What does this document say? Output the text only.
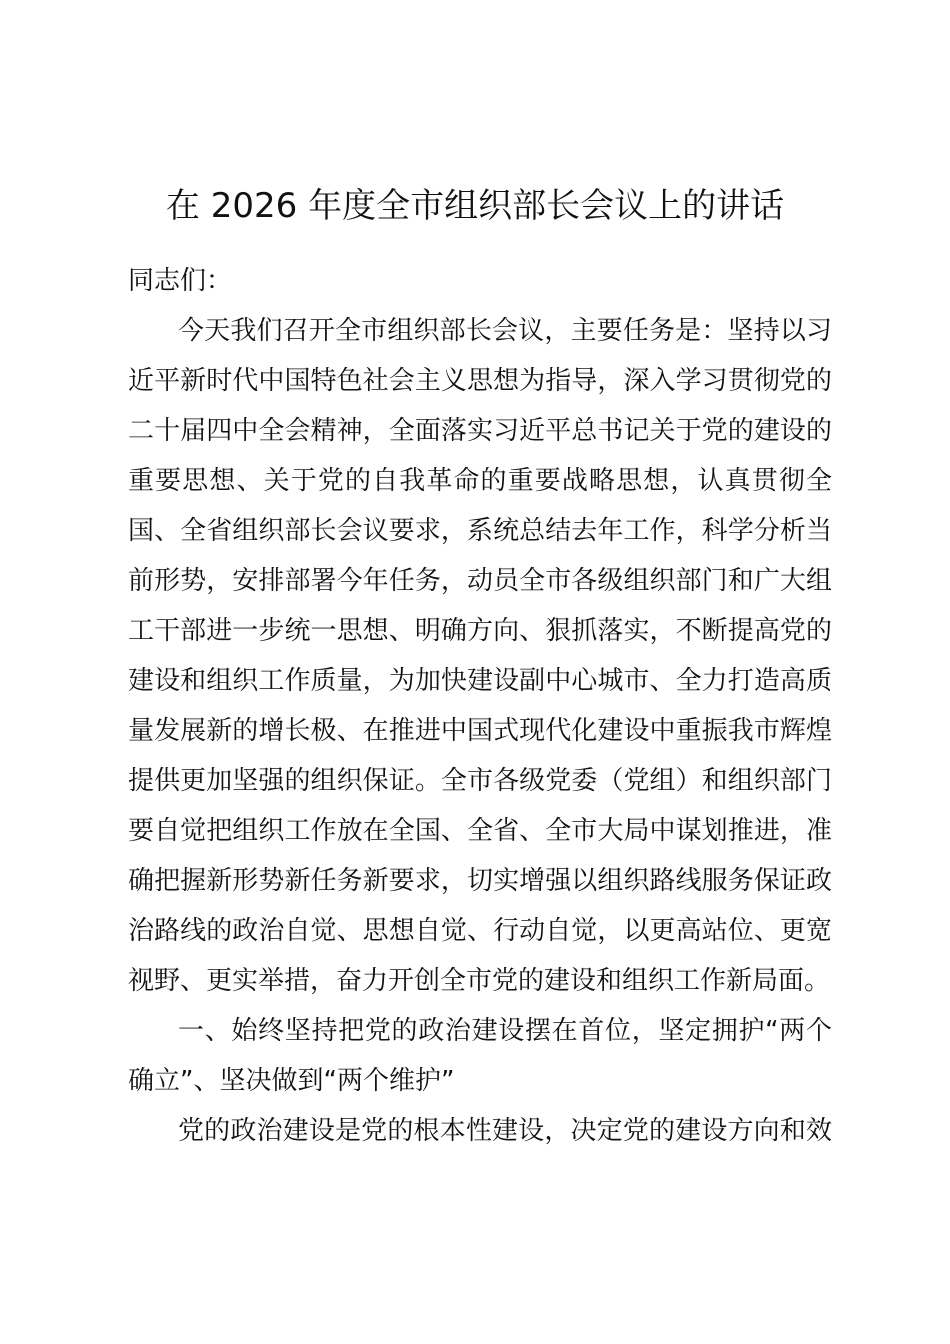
在 2026 年度全市组织部长会议上的讲话
同志们：
今天我们召开全市组织部长会议，主要任务是：坚持以习
近平新时代中国特色社会主义思想为指导，深入学习贯彻党的
二十届四中全会精神，全面落实习近平总书记关于党的建设的
重要思想、关于党的自我革命的重要战略思想，认真贯彻全
国、全省组织部长会议要求，系统总结去年工作，科学分析当
前形势，安排部署今年任务，动员全市各级组织部门和广大组
工干部进一步统一思想、明确方向、狠抓落实，不断提高党的
建设和组织工作质量，为加快建设副中心城市、全力打造高质
量发展新的增长极、在推进中国式现代化建设中重振我市辉煌
提供更加坚强的组织保证。全市各级党委（党组）和组织部门
要自觉把组织工作放在全国、全省、全市大局中谋划推进，准
确把握新形势新任务新要求，切实增强以组织路线服务保证政
治路线的政治自觉、思想自觉、行动自觉，以更高站位、更宽
视野、更实举措，奋力开创全市党的建设和组织工作新局面。
一、始终坚持把党的政治建设摆在首位，坚定拥护“两个
确立”、坚决做到“两个维护”
党的政治建设是党的根本性建设，决定党的建设方向和效
